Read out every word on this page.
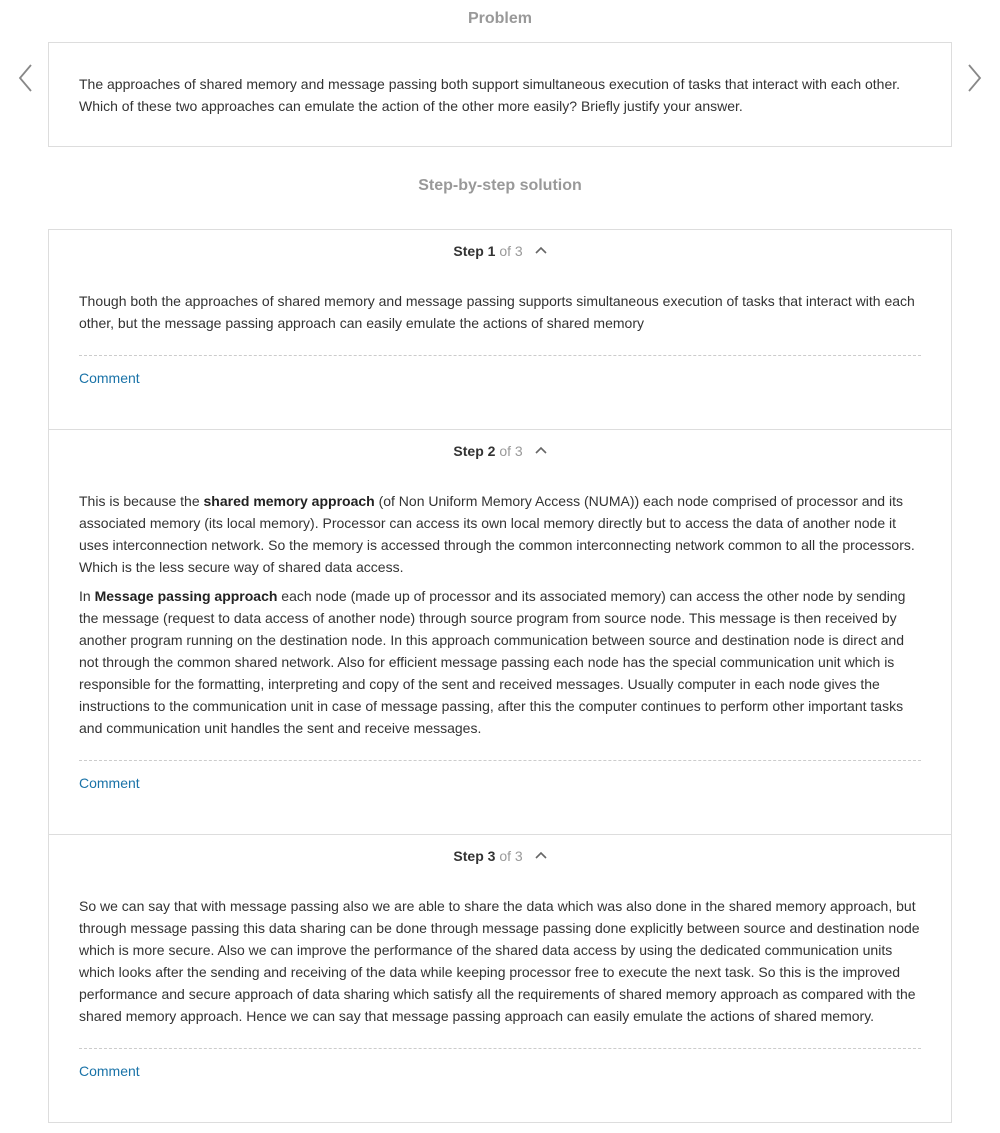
Problem
The approaches of shared memory and message passing both support simultaneous execution of tasks that interact with each other. Which of these two approaches can emulate the action of the other more easily? Briefly justify your answer.
Step-by-step solution
Step 1 of 3

Though both the approaches of shared memory and message passing supports simultaneous execution of tasks that interact with each other, but the message passing approach can easily emulate the actions of shared memory

Comment
Step 2 of 3

This is because the shared memory approach (of Non Uniform Memory Access (NUMA)) each node comprised of processor and its associated memory (its local memory). Processor can access its own local memory directly but to access the data of another node it uses interconnection network. So the memory is accessed through the common interconnecting network common to all the processors. Which is the less secure way of shared data access.

In Message passing approach each node (made up of processor and its associated memory) can access the other node by sending the message (request to data access of another node) through source program from source node. This message is then received by another program running on the destination node. In this approach communication between source and destination node is direct and not through the common shared network. Also for efficient message passing each node has the special communication unit which is responsible for the formatting, interpreting and copy of the sent and received messages. Usually computer in each node gives the instructions to the communication unit in case of message passing, after this the computer continues to perform other important tasks and communication unit handles the sent and receive messages.

Comment
Step 3 of 3

So we can say that with message passing also we are able to share the data which was also done in the shared memory approach, but through message passing this data sharing can be done through message passing done explicitly between source and destination node which is more secure. Also we can improve the performance of the shared data access by using the dedicated communication units which looks after the sending and receiving of the data while keeping processor free to execute the next task. So this is the improved performance and secure approach of data sharing which satisfy all the requirements of shared memory approach as compared with the shared memory approach. Hence we can say that message passing approach can easily emulate the actions of shared memory.

Comment
